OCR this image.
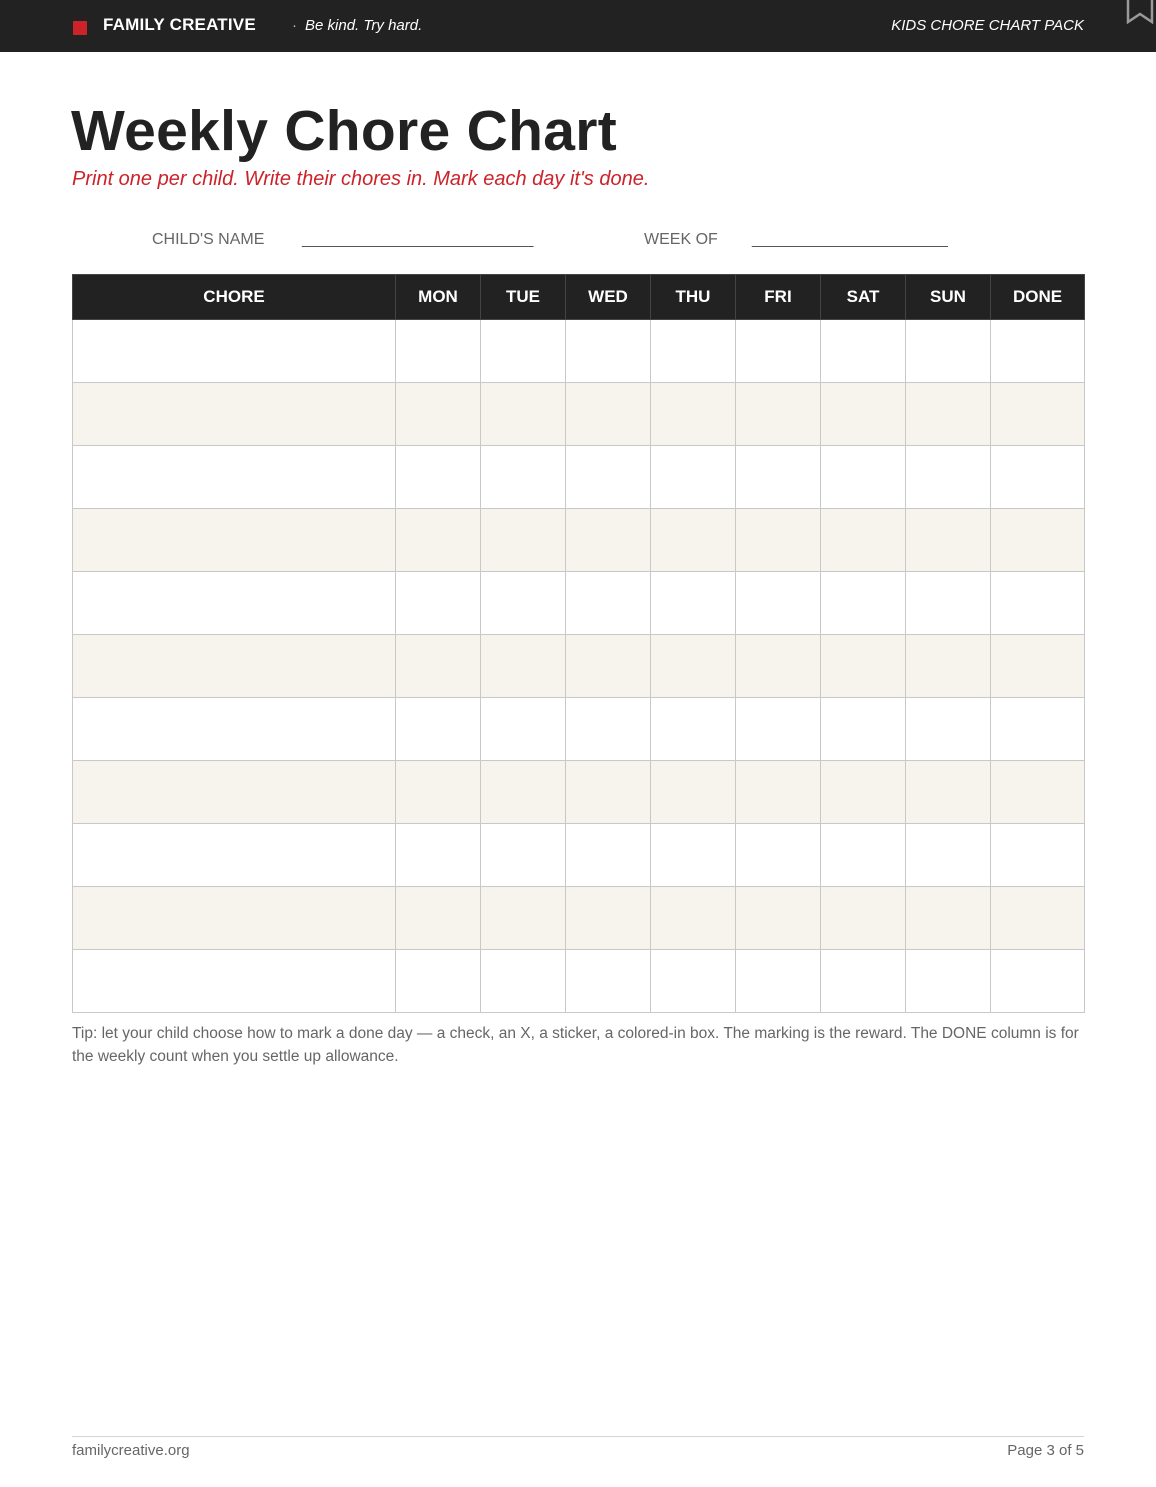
FAMILY CREATIVE · Be kind. Try hard.	KIDS CHORE CHART PACK
Weekly Chore Chart
Print one per child. Write their chores in. Mark each day it's done.
CHILD'S NAME __________________________	WEEK OF ______________________
CHORE	MON	TUE	WED	THU	FRI	SAT	SUN	DONE

Tip: let your child choose how to mark a done day — a check, an X, a sticker, a colored-in box. The marking is the reward. The DONE column is for the weekly count when you settle up allowance.
familycreative.org	Page 3 of 5
